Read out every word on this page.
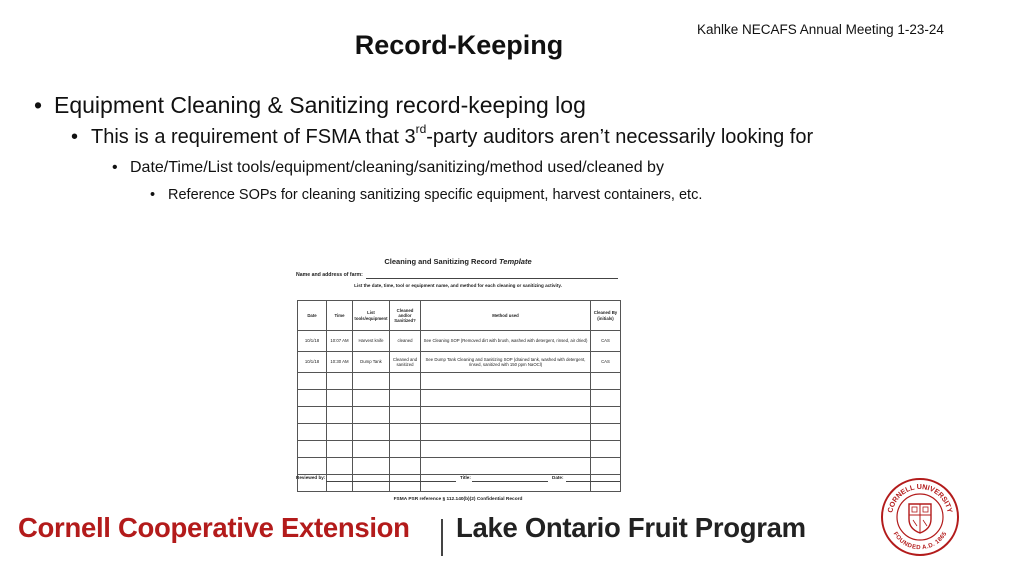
Kahlke NECAFS Annual Meeting 1-23-24
Record-Keeping
• Equipment Cleaning & Sanitizing record-keeping log
• This is a requirement of FSMA that 3rd-party auditors aren’t necessarily looking for
• Date/Time/List tools/equipment/cleaning/sanitizing/method used/cleaned by
• Reference SOPs for cleaning sanitizing specific equipment, harvest containers, etc.
Cleaning and Sanitizing Record Template
Name and address of farm:
List the date, time, tool or equipment name, and method for each cleaning or sanitizing activity.
Date	Time	List tools/equipment	Cleaned and/or Sanitized?	Method used	Cleaned By (initials)
10/1/18	10:07 AM	Harvest knife	cleaned	See Cleaning SOP (Removed dirt with brush, washed with detergent, rinsed, air dried)	CAS
10/1/18	10:30 AM	Dump Tank	Cleaned and sanitized	See Dump Tank Cleaning and Sanitizing SOP (drained tank, washed with detergent, rinsed, sanitized with 150 ppm NaOCl)	CAS

Reviewed by:	Title:	Date:
FSMA PSR reference § 112.140(b)(2) Confidential Record
Cornell Cooperative Extension Lake Ontario Fruit Program
CORNELL UNIVERSITY
FOUNDED A.D. 1865
